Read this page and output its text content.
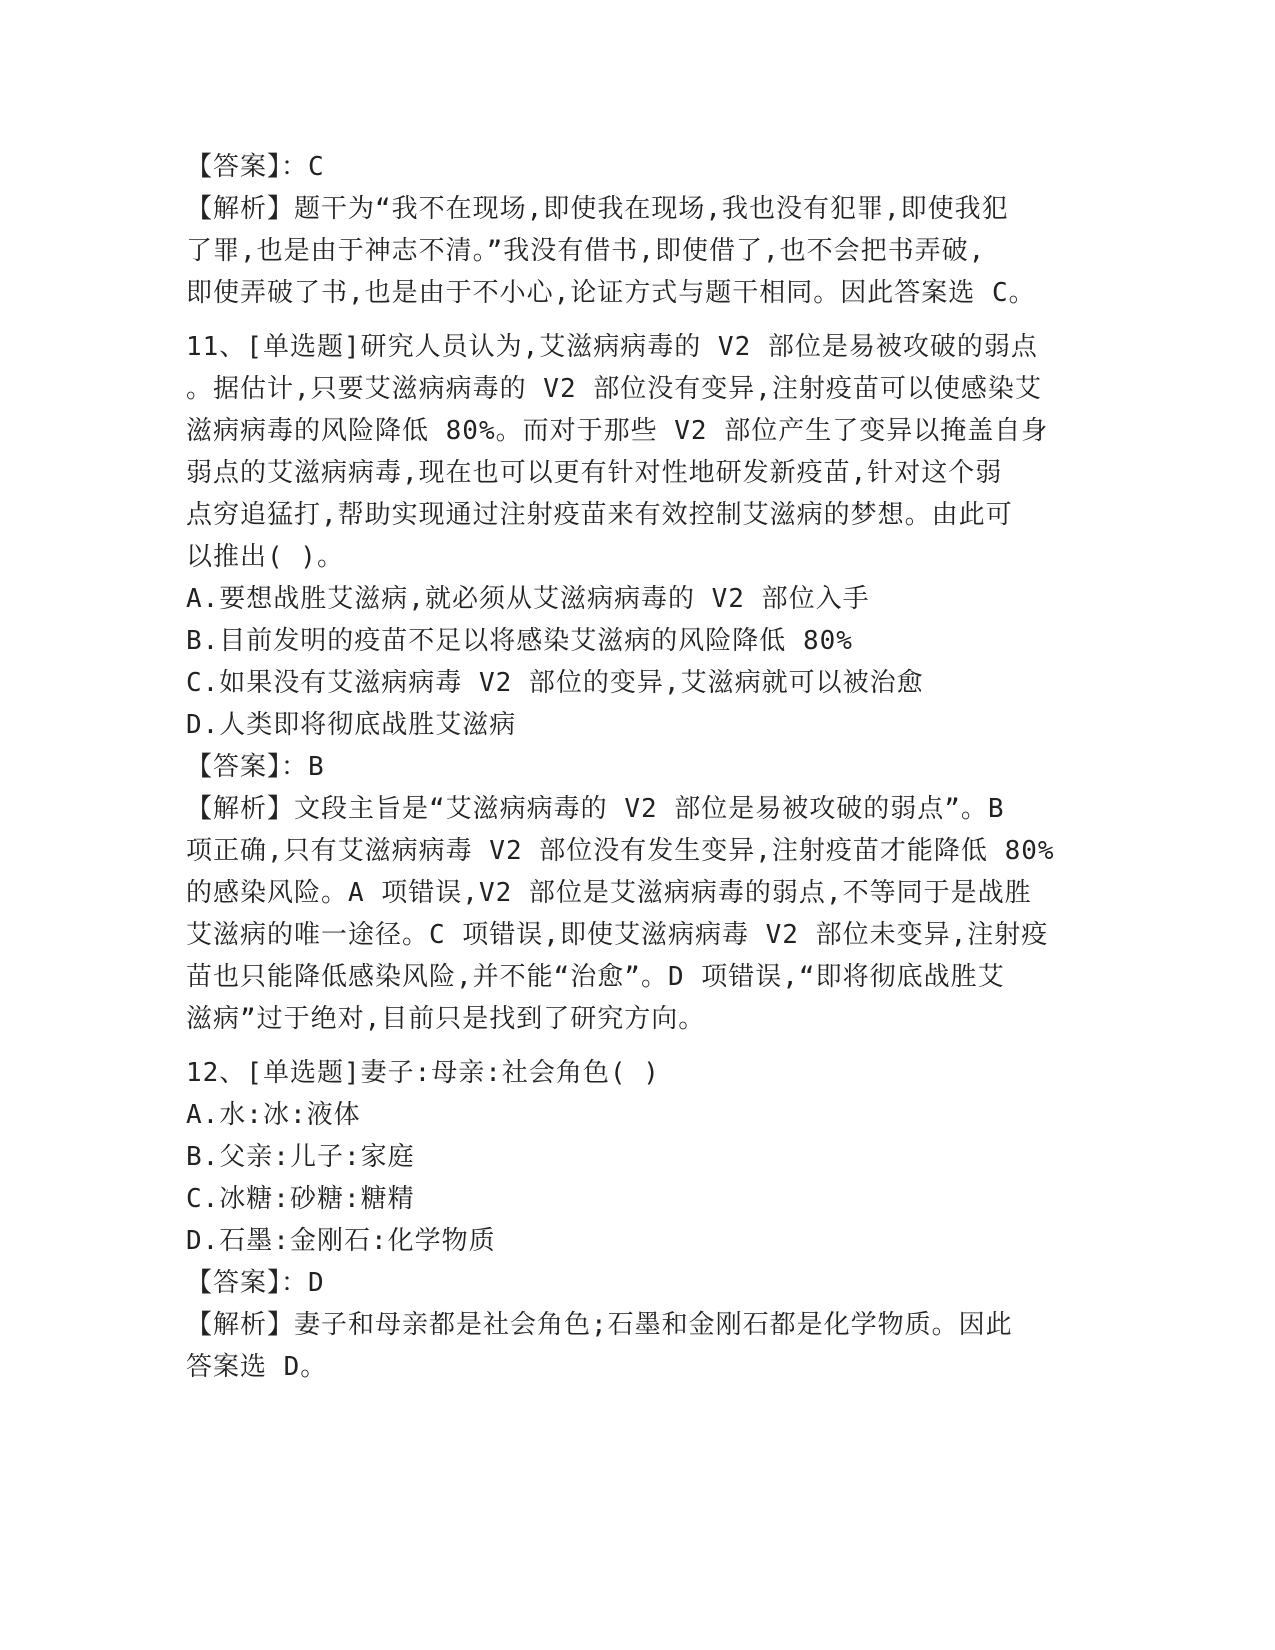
【答案】：C
【解析】题干为“我不在现场,即使我在现场,我也没有犯罪,即使我犯
了罪,也是由于神志不清。”我没有借书,即使借了,也不会把书弄破,
即使弄破了书,也是由于不小心,论证方式与题干相同。因此答案选 C。
11、[单选题]研究人员认为,艾滋病病毒的 V2 部位是易被攻破的弱点
。据估计,只要艾滋病病毒的 V2 部位没有变异,注射疫苗可以使感染艾
滋病病毒的风险降低 80%。而对于那些 V2 部位产生了变异以掩盖自身
弱点的艾滋病病毒,现在也可以更有针对性地研发新疫苗,针对这个弱
点穷追猛打,帮助实现通过注射疫苗来有效控制艾滋病的梦想。由此可
以推出( )。
A.要想战胜艾滋病,就必须从艾滋病病毒的 V2 部位入手
B.目前发明的疫苗不足以将感染艾滋病的风险降低 80%
C.如果没有艾滋病病毒 V2 部位的变异,艾滋病就可以被治愈
D.人类即将彻底战胜艾滋病
【答案】：B
【解析】文段主旨是“艾滋病病毒的 V2 部位是易被攻破的弱点”。B
项正确,只有艾滋病病毒 V2 部位没有发生变异,注射疫苗才能降低 80%
的感染风险。A 项错误,V2 部位是艾滋病病毒的弱点,不等同于是战胜
艾滋病的唯一途径。C 项错误,即使艾滋病病毒 V2 部位未变异,注射疫
苗也只能降低感染风险,并不能“治愈”。D 项错误,“即将彻底战胜艾
滋病”过于绝对,目前只是找到了研究方向。
12、[单选题]妻子:母亲:社会角色( )
A.水:冰:液体
B.父亲:儿子:家庭
C.冰糖:砂糖:糖精
D.石墨:金刚石:化学物质
【答案】：D
【解析】妻子和母亲都是社会角色;石墨和金刚石都是化学物质。因此
答案选 D。
